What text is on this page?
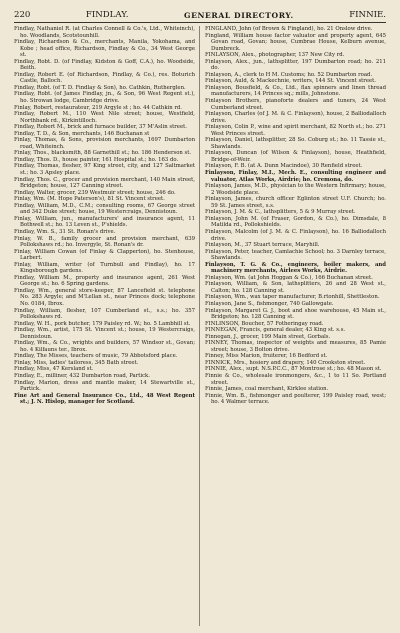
220	FINDLAY.	GENERAL DIRECTORY.	FINNIE.

Findlay, Nathaniel R. (at Charles Connell & Co.'s, Ltd., Whiteinch), ho. Woodlands, Scotstounhill.

Findlay, Richardson & Co., merchants, Manila, Yokohama, and Kobe ; head office, Richardson, Findlay & Co., 34 West George st.

Findlay, Robt. D. (of Findlay, Kidston & Goff, C.A.), ho. Woodside, Beith.

Findlay, Robert E. (of Richardson, Findlay, & Co.), res. Boturich Castle, Balloch.

Findlay, Robt. (of T. D. Findlay & Son), ho. Cathkin, Rutherglen.

Findlay, Robt. (of James Findlay, jn., & Son, 96 West Regent st.), ho. Strowan lodge, Cambridge drive.

Finlay, Robert, restaurateur, 219 Argyle st ; ho. 44 Cathkin rd.

Findlay, Robert M., 110 West Nile street; house, Westfield, Northbank rd., Kirkintilloch.

Findlay, Robert M., brick and furnace builder, 37 M'Aslin street.

Findlay, T. D., & Son, merchants, 146 Buchanan st

Finlay, Thomas, & Sons, provision merchants, 1697 Dumbarton road, Whiteinch.

Finlay, Thos., blacksmith, 88 Garnethill st.; ho. 186 Henderson st.

Findlay, Thos. D., house painter, 161 Hospital st.; ho. 163 do.

Findlay, Thomas, flesher, 97 King street, city, and 127 Saltmarket st.; ho. 3 Apsley place.

Findlay, Thos. C., grocer and provision merchant, 140 Main street, Bridgeton; house, 127 Canning street.

Findlay, Walter, grocer, 239 Westmuir street; house, 246 do.

Finlay, Wm. (M. Hope Paterson's), 81 St. Vincent street.

Findlay, William, M.D., C.M.; consulting rooms, 67 George street and 342 Duke street; house, 19 Westercraigs, Dennistoun.

Finlay, William, jun., manufacturers' and insurance agent, 11 Bothwell st.; ho. 13 Leven st., P'shields.

Findlay, Wm. S., 31 St. Ronan's drive.

Finlay, W. B., family grocer and provision merchant, 639 Pollokshaws rd.; ho. Invergyle, St. Ronan's dr.

Finlay, William Cowan (of Finlay & Clapperton), ho. Stenhouse, Larbert.

Finlay, William, writer (of Turnbull and Findlay), ho. 17 Kingsborough gardens.

Findlay, William M., property and insurance agent, 261 West George st.; ho. 6 Spring gardens.

Findlay, Wm., general store-keeper, 87 Lancefield st. telephone No. 283 Argyle; and M'Lellan st., near Princes dock; telephone No. 0184, Ibrox.

Findlay, William, flesher, 107 Cumberland st., s.s.; ho. 357 Pollokshaws rd.

Findlay, W. H., pork butcher, 179 Paisley rd. W.; ho. 5 Lambhill st.

Findlay, Wm., artist, 175 St. Vincent st.; house, 19 Westercraigs, Dennistoun.

Findlay, Wm., & Co., wrights and builders, 57 Windsor st., Govan; ho. 4 Kilfauns ter., Ibrox.

Findlay, The Misses, teachers of music, 79 Abbotsford place.

Finlay, Miss, ladies' tailoress, 345 Bath street.

Findlay, Miss, 47 Kersland st.

Findlay, E., milliner, 432 Dumbarton road, Partick.

Findlay, Marion, dress and mantle maker, 14 Stewartville st., Partick.

Fine Art and General Insurance Co., Ltd., 48 West Regent st.; J. N. Hislop, manager for Scotland.

FINGLAND, John (of Brown & Fingland), ho. 21 Onslow drive.

Fingland, William house factor valuator and property agent, 645 Govan road, Govan; house, Cumbrae House, Kelburn avenue, Dumbreck.

FINLAYSON, Alex., photographer, 137 New City rd.

Finlayson, Alex., jun., lathsplitter, 197 Dumbarton road; ho. 211 do.

Finlayson, A., clerk to H M. Customs; ho. 52 Dumbarton road.

Finlayson, Auld, & Mackechnie, writers, 144 St. Vincent street.

Finlayson, Bousfield, & Co., Ltd., flax spinners and linen thread manufacturers, 14 Princes sq.; mills, Johnstone.

Finlayson Brothers, pianoforte dealers and tuners, 24 West Cumberland street.

Finlayson, Charles (of J. M. & C. Finlayson), house, 2 Balliodalloch drive.

Finlayson, Colin P., wine and spirit merchant, 82 North st.; ho. 271 West Princes street.

Finlayson, Daniel, lathsplitter, 28 So. Coburg st.; ho. 11 Tassie st., Shawlands.

Finlayson, Duncan (of Wilson & Finlayson), house, Heathfield, Bridge-of-Weir.

Finlayson, F. B. (at A. Dunn Macindoe), 30 Renfield street.

Finlayson, Finlay, M.I., Mech. E., consulting engineer and valuator, Atlas Works, Airdrie; ho. Cremona, do.

Finlayson, James, M.D., physician to the Western Infirmary; house, 2 Woodside place.

Finlayson, James, church officer Eglinton street U.F. Church; ho. 59 St. James street, s.s.

Finlayson, J. M. & C., lathsplitters, 5 & 9 Murray street.

Finlayson, John M. (of Fraser, Gordon, & Co.), ho. Dimsdale, 8 Matilda rd., Pollokshields.

Finlayson, Malcolm (of J. M. & C. Finlayson), ho. 16 Balliodalloch drive.

Finlayson, M., 37 Stuart terrace, Maryhill.

Finlayson, Peter, teacher, Camlachie School; ho. 3 Darnley terrace, Shawlands.

Finlayson, T. G. & Co., engineers, boiler makers, and machinery merchants, Airlees Works, Airdrie.

Finlayson, Wm. (at John Hoggan & Co.), 166 Buchanan street.

Finlayson, William, & Son, lathsplitters, 26 and 28 West st., Calton; ho. 128 Canning st.

Finlayson, Wm., wax taper manufacturer, B.rtonhill, Shettleston.

Finlayson, Jane S., fishmonger, 740 Gallowgate.

Finlayson, Margaret G. J., boot and shoe warehouse, 45 Main st., Bridgeton; ho. 128 Canning st.

FINLINSON, Boucher, 57 Fotheringay road.

FINNEGAN, Francis, general dealer, 43 King st. s.s.

Finnegan, J., grocer, 199 Main street, Gorbals.

FINNEY, Thomas, inspector of weights and measures, 85 Pamie street; house, 3 Bolton drive.

Finney, Miss Marion, fruiterer, 16 Bedford st.

FINNICK, Mrs., hosiery and drapery, 140 Crookston street.

FINNIE, Alex., supt. N.S.P.C.C., 87 Montrose st.; ho. 48 Mason st.

Finnie & Co., wholesale ironmongers, &c., 1 to 11 So. Portland street.

Finnie, James, coal merchant, Kirklee station.

Finnie, Wm. B., fishmonger and poulterer, 199 Paisley road, west; ho. 4 Walmer terrace.
